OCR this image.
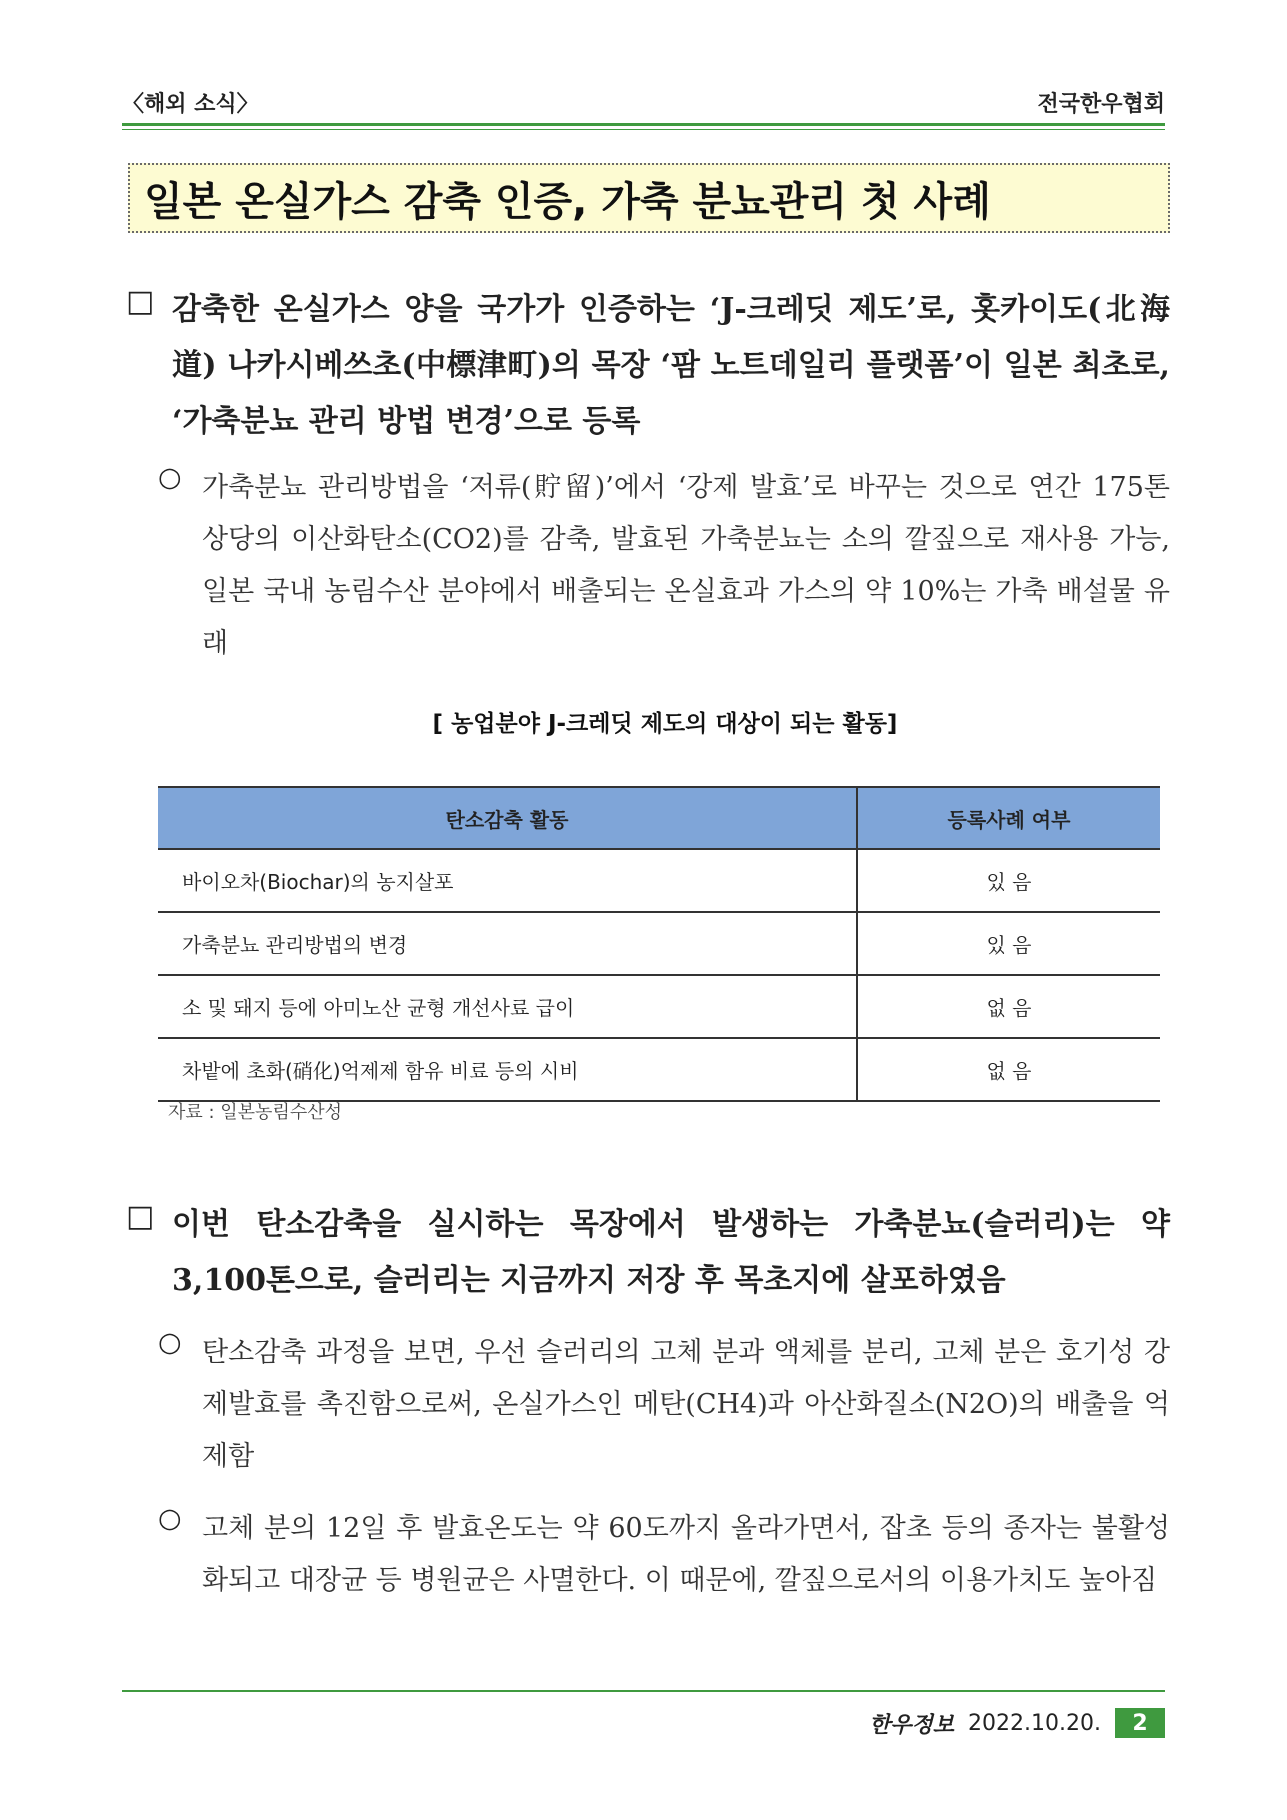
〈해외 소식〉	전국한우협회
일본 온실가스 감축 인증, 가축 분뇨관리 첫 사례
□ 감축한 온실가스 양을 국가가 인증하는 ‘J-크레딧 제도’로, 홋카이도(北海道) 나카시베쓰초(中標津町)의 목장 ‘팜 노트데일리 플랫폼’이 일본 최초로, ‘가축분뇨 관리 방법 변경’으로 등록
○ 가축분뇨 관리방법을 ‘저류(貯留)’에서 ‘강제 발효’로 바꾸는 것으로 연간 175톤 상당의 이산화탄소(CO2)를 감축, 발효된 가축분뇨는 소의 깔짚으로 재사용 가능, 일본 국내 농림수산 분야에서 배출되는 온실효과 가스의 약 10%는 가축 배설물 유래
[ 농업분야 J-크레딧 제도의 대상이 되는 활동]
탄소감축 활동	등록사례 여부
바이오차(Biochar)의 농지살포	있 음
가축분뇨 관리방법의 변경	있 음
소 및 돼지 등에 아미노산 균형 개선사료 급이	없 음
차밭에 초화(硝化)억제제 함유 비료 등의 시비	없 음
자료 : 일본농림수산성
□ 이번 탄소감축을 실시하는 목장에서 발생하는 가축분뇨(슬러리)는 약 3,100톤으로, 슬러리는 지금까지 저장 후 목초지에 살포하였음
○ 탄소감축 과정을 보면, 우선 슬러리의 고체 분과 액체를 분리, 고체 분은 호기성 강제발효를 촉진함으로써, 온실가스인 메탄(CH4)과 아산화질소(N2O)의 배출을 억제함
○ 고체 분의 12일 후 발효온도는 약 60도까지 올라가면서, 잡초 등의 종자는 불활성화되고 대장균 등 병원균은 사멸한다. 이 때문에, 깔짚으로서의 이용가치도 높아짐
한우정보 2022.10.20.	2
